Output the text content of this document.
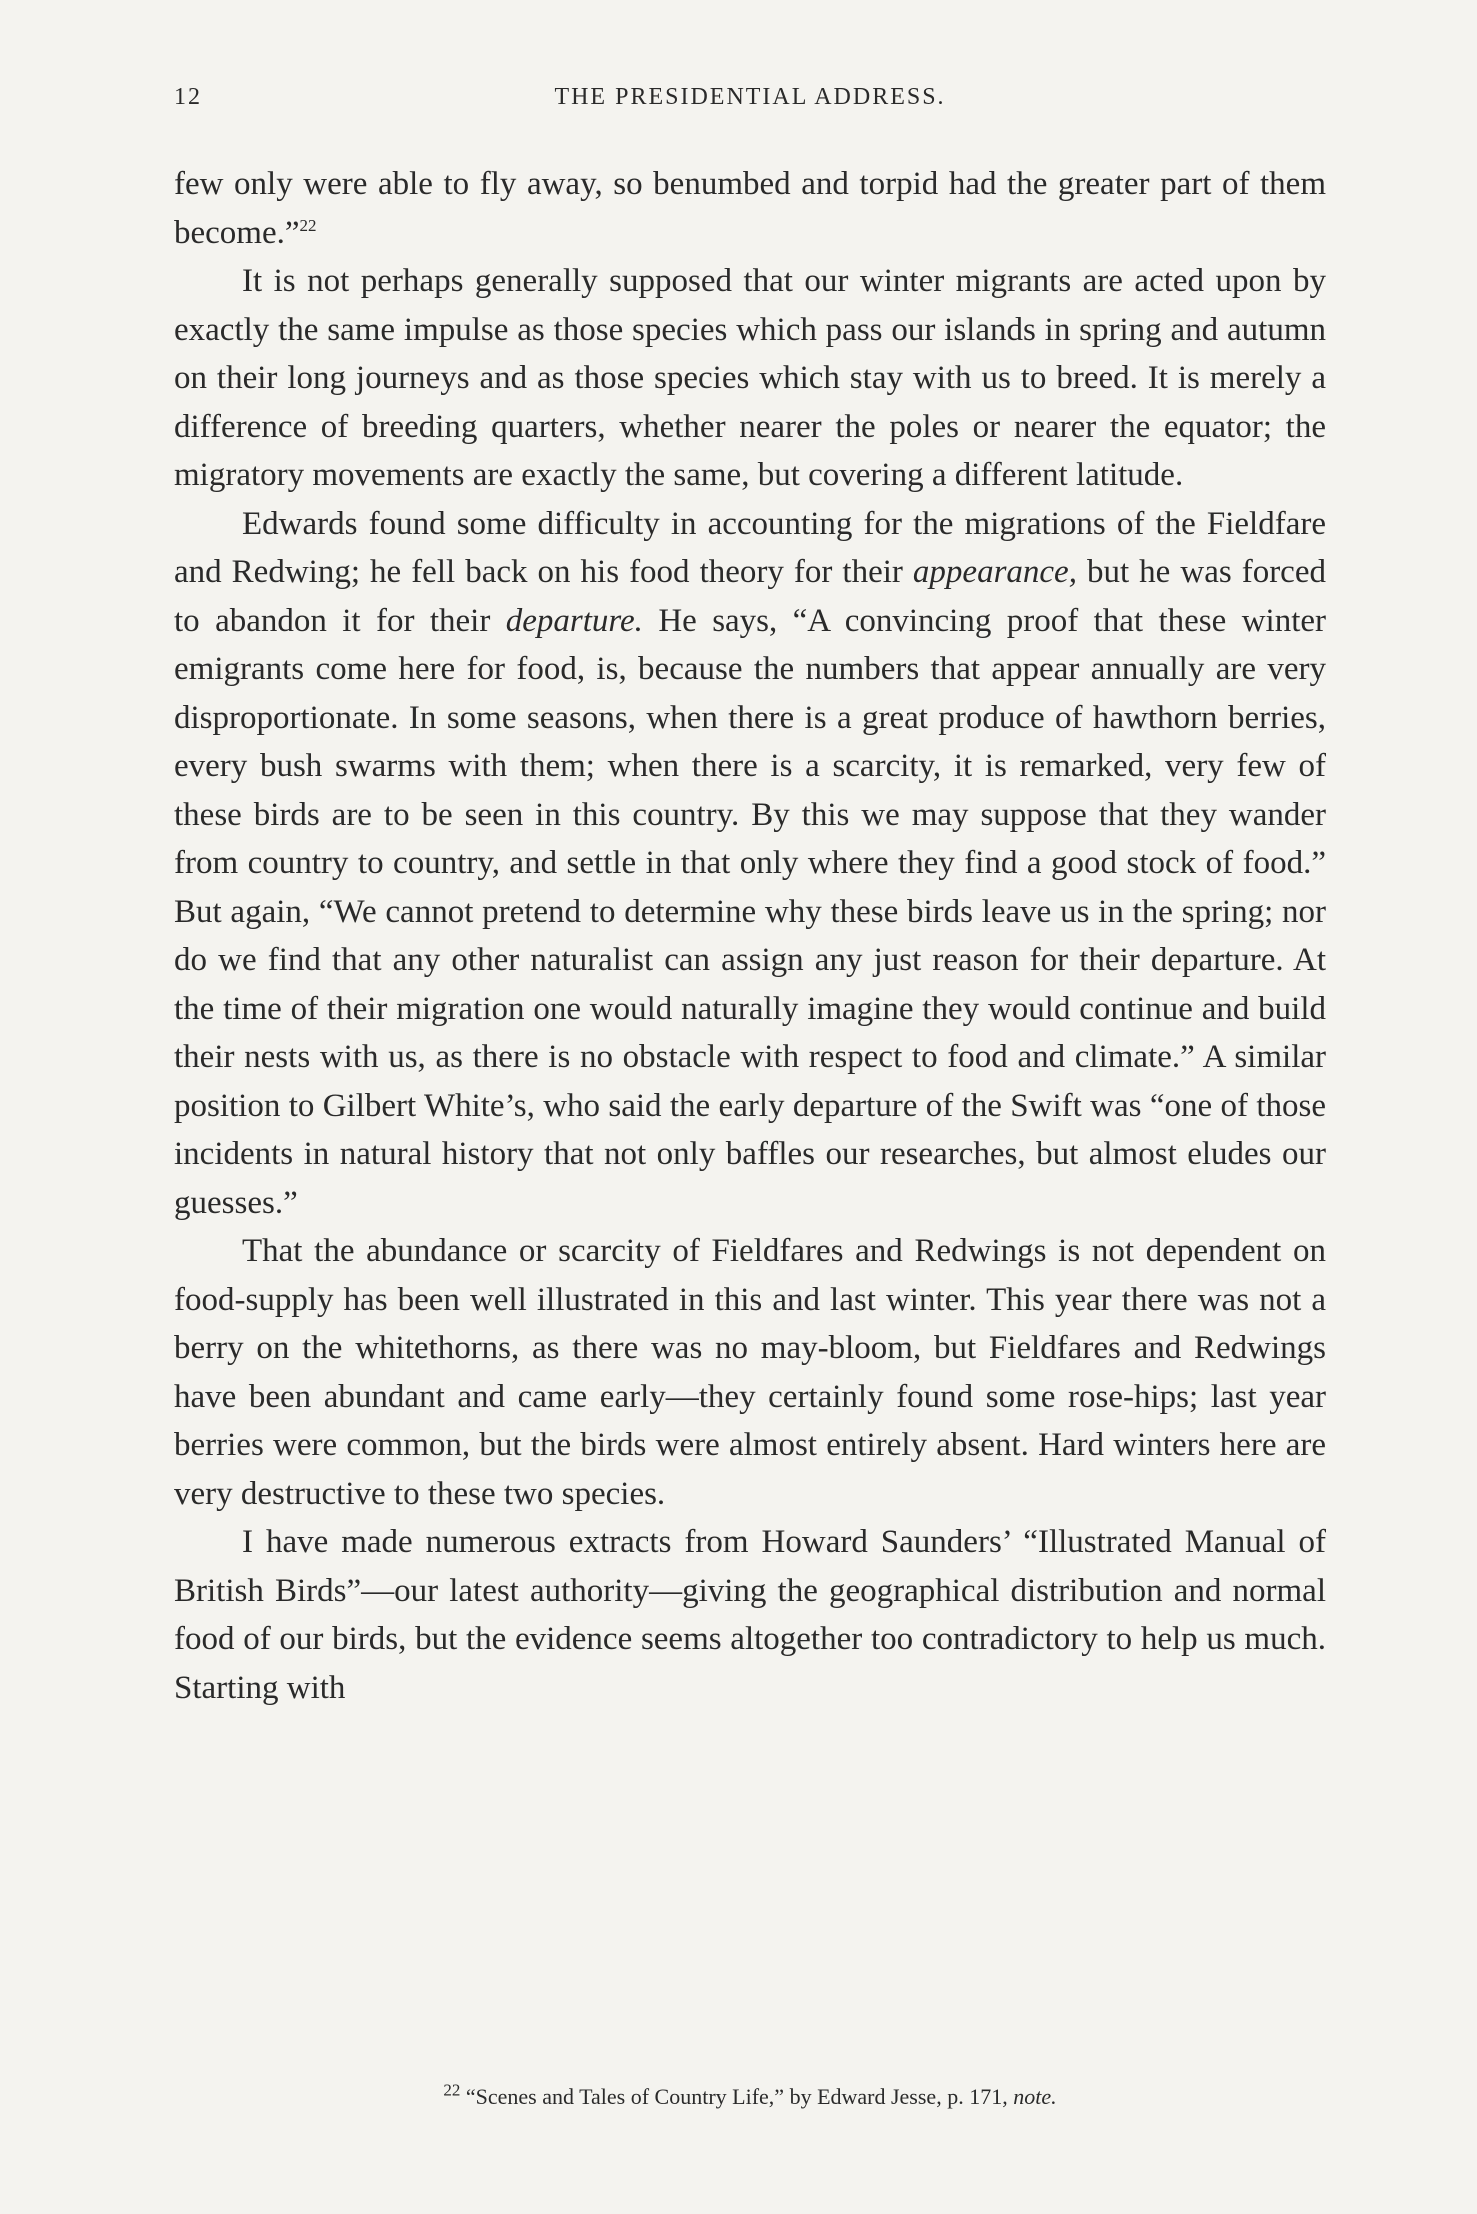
12	THE PRESIDENTIAL ADDRESS.

few only were able to fly away, so benumbed and torpid had the greater part of them become.”$^{22}$

It is not perhaps generally supposed that our winter migrants are acted upon by exactly the same impulse as those species which pass our islands in spring and autumn on their long journeys and as those species which stay with us to breed. It is merely a difference of breeding quarters, whether nearer the poles or nearer the equator; the migratory movements are exactly the same, but covering a different latitude.

Edwards found some difficulty in accounting for the migrations of the Fieldfare and Redwing; he fell back on his food theory for their appearance, but he was forced to abandon it for their departure. He says, “A convincing proof that these winter emigrants come here for food, is, because the numbers that appear annually are very disproportionate. In some seasons, when there is a great produce of hawthorn berries, every bush swarms with them; when there is a scarcity, it is remarked, very few of these birds are to be seen in this country. By this we may suppose that they wander from country to country, and settle in that only where they find a good stock of food.” But again, “We cannot pretend to determine why these birds leave us in the spring; nor do we find that any other naturalist can assign any just reason for their departure. At the time of their migration one would naturally imagine they would continue and build their nests with us, as there is no obstacle with respect to food and climate.” A similar position to Gilbert White’s, who said the early departure of the Swift was “one of those incidents in natural history that not only baffles our researches, but almost eludes our guesses.”

That the abundance or scarcity of Fieldfares and Redwings is not dependent on food-supply has been well illustrated in this and last winter. This year there was not a berry on the whitethorns, as there was no may-bloom, but Fieldfares and Redwings have been abundant and came early—they certainly found some rose-hips; last year berries were common, but the birds were almost entirely absent. Hard winters here are very destructive to these two species.

I have made numerous extracts from Howard Saunders’ “Illustrated Manual of British Birds”—our latest authority—giving the geographical distribution and normal food of our birds, but the evidence seems altogether too contradictory to help us much. Starting with

$^{22}$ “Scenes and Tales of Country Life,” by Edward Jesse, p. 171, note.
